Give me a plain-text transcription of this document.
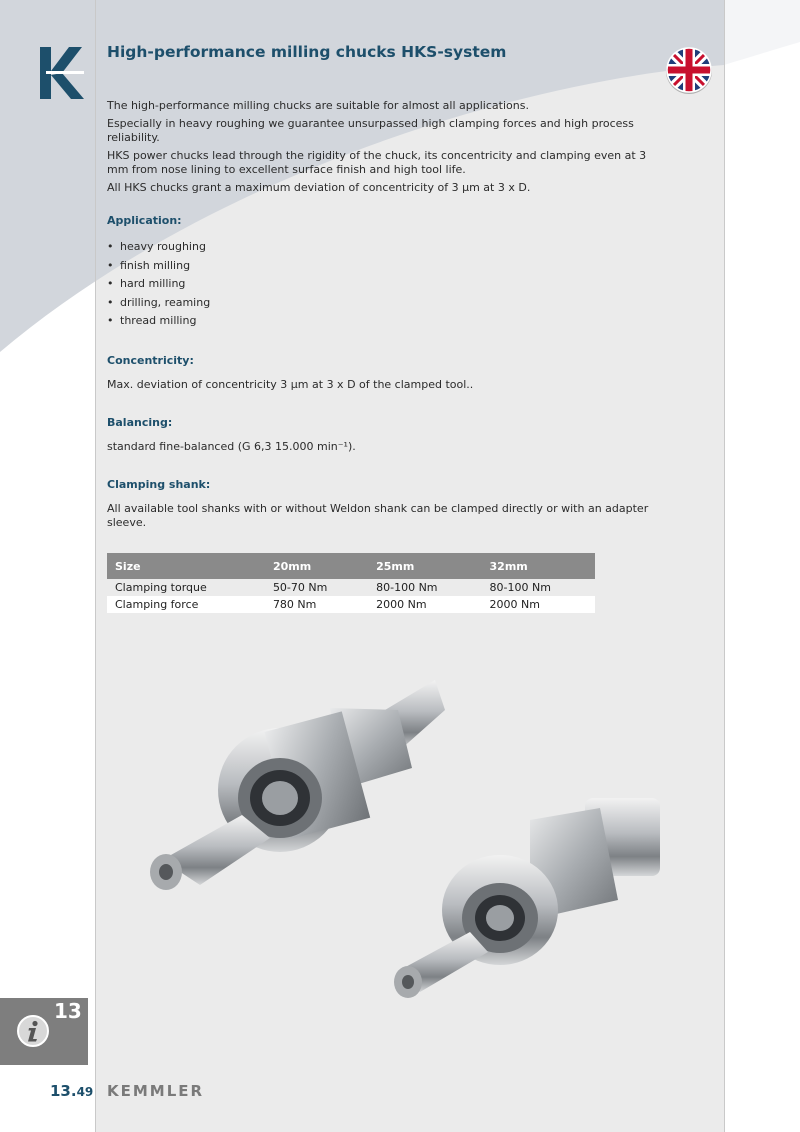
High-performance milling chucks HKS-system

The high-performance milling chucks are suitable for almost all applications.

Especially in heavy roughing we guarantee unsurpassed high clamping forces and high process reliability.

HKS power chucks lead through the rigidity of the chuck, its concentricity and clamping even at 3 mm from nose lining to excellent surface finish and high tool life.

All HKS chucks grant a maximum deviation of concentricity of 3 μm at 3 x D.

Application:
• heavy roughing
• finish milling
• hard milling
• drilling, reaming
• thread milling
Concentricity:

Max. deviation of concentricity 3 μm at 3 x D of the clamped tool..

Balancing:

standard fine-balanced (G 6,3 15.000 min⁻¹).

Clamping shank:

All available tool shanks with or without Weldon shank can be clamped directly or with an adapter sleeve.

Size	20mm	25mm	32mm
Clamping torque	50-70 Nm	80-100 Nm	80-100 Nm
Clamping force	780 Nm	2000 Nm	2000 Nm
13
13.49 KEMMLER
